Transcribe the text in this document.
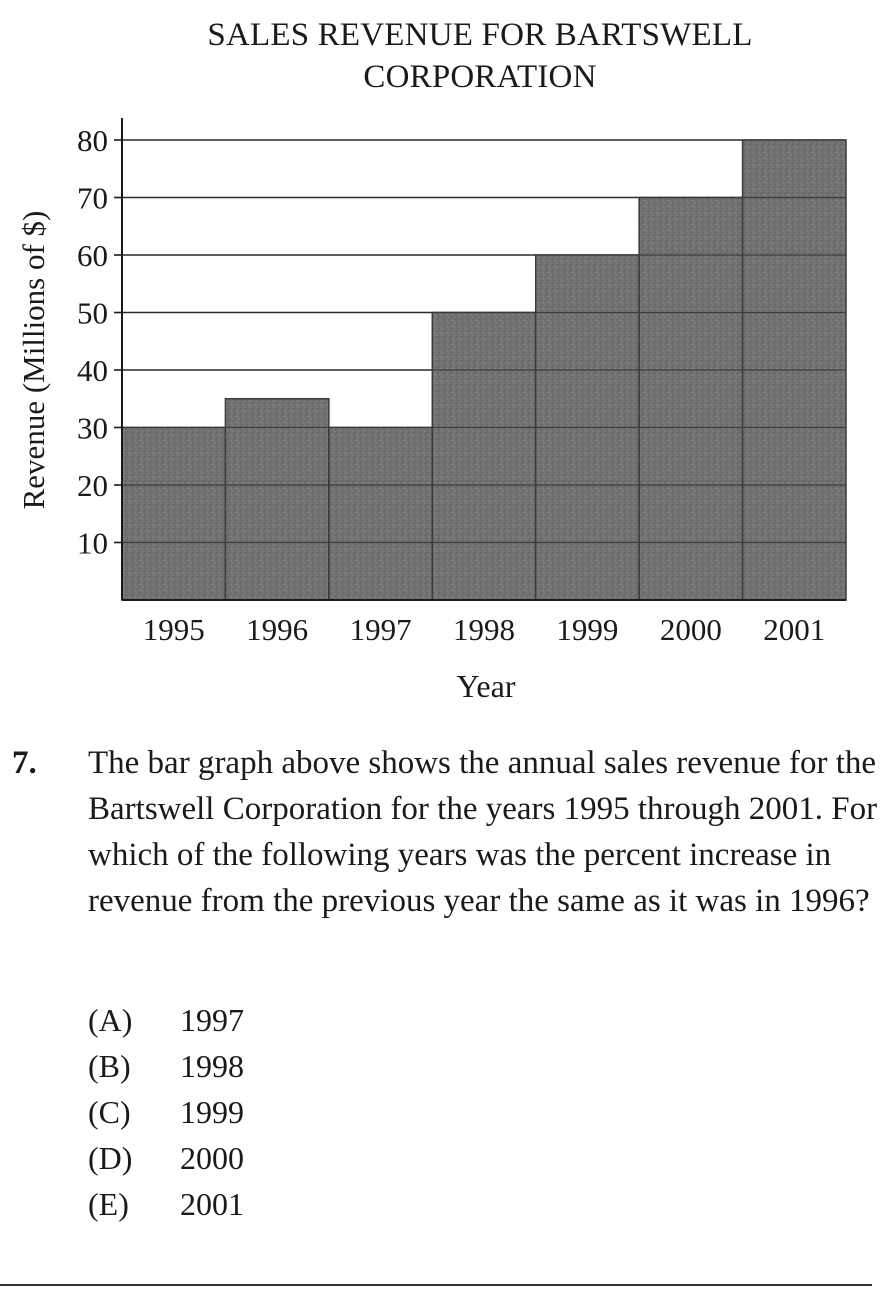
SALES REVENUE FOR BARTSWELL
CORPORATION
10
20
30
40
50
60
70
80
1995 1996 1997 1998 1999 2000 2001
Revenue (Millions of $)
Year
7. The bar graph above shows the annual sales revenue for the Bartswell Corporation for the years 1995 through 2001. For which of the following years was the percent increase in revenue from the previous year the same as it was in 1996?
(A) 1997
(B) 1998
(C) 1999
(D) 2000
(E) 2001
